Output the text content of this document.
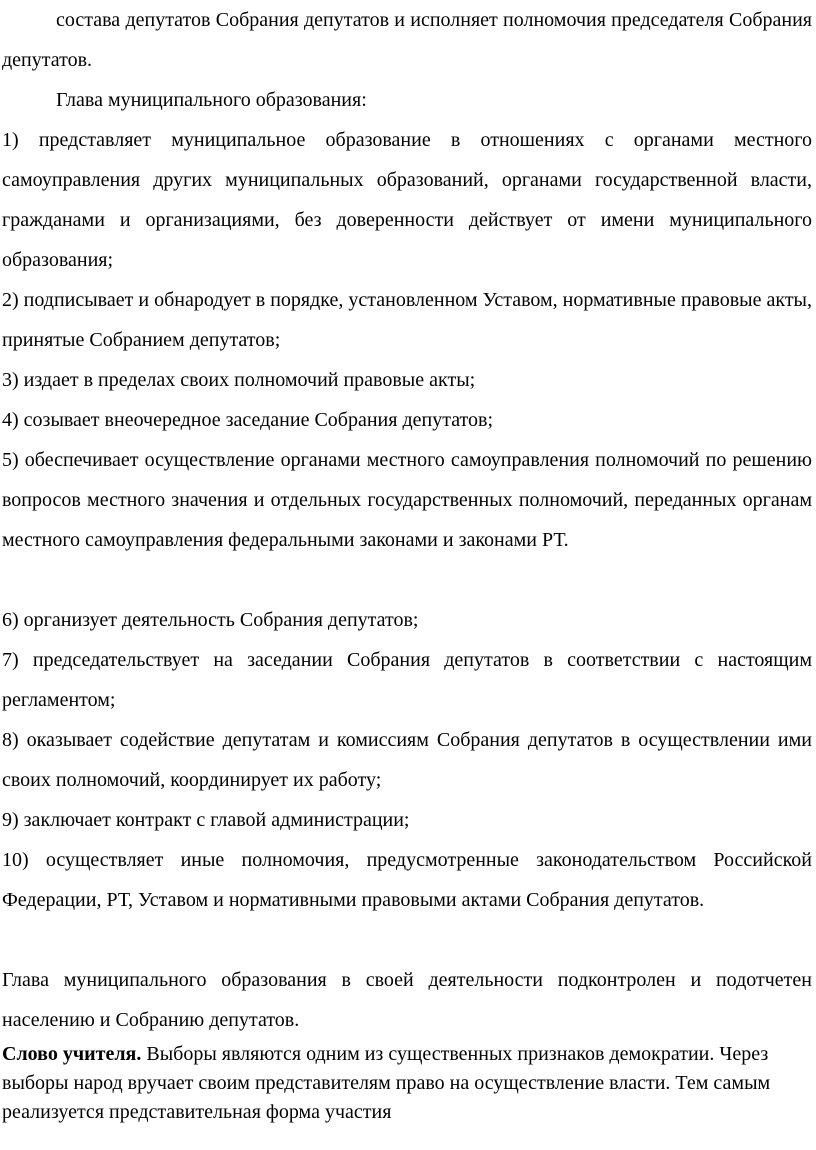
состава депутатов Собрания депутатов и исполняет полномочия председателя Собрания депутатов.

Глава муниципального образования:

1) представляет муниципальное образование в отношениях с органами местного самоуправления других муниципальных образований, органами государственной власти, гражданами и организациями, без доверенности действует от имени муниципального образования;

2) подписывает и обнародует в порядке, установленном Уставом, нормативные правовые акты, принятые Собранием депутатов;

3) издает в пределах своих полномочий правовые акты;

4) созывает внеочередное заседание Собрания депутатов;

5) обеспечивает осуществление органами местного самоуправления полномочий по решению вопросов местного значения и отдельных государственных полномочий, переданных органам местного самоуправления федеральными законами и законами РТ.

6) организует деятельность Собрания депутатов;

7) председательствует на заседании Собрания депутатов в соответствии с настоящим регламентом;

8) оказывает содействие депутатам и комиссиям Собрания депутатов в осуществлении ими своих полномочий, координирует их работу;

9) заключает контракт с главой администрации;

10) осуществляет иные полномочия, предусмотренные законодательством Российской Федерации, РТ, Уставом и нормативными правовыми актами Собрания депутатов.

Глава муниципального образования в своей деятельности подконтролен и подотчетен населению и Собранию депутатов.

Слово учителя. Выборы являются одним из существенных признаков демократии. Через выборы народ вручает своим представителям право на осуществление власти. Тем самым реализуется представительная форма участия
